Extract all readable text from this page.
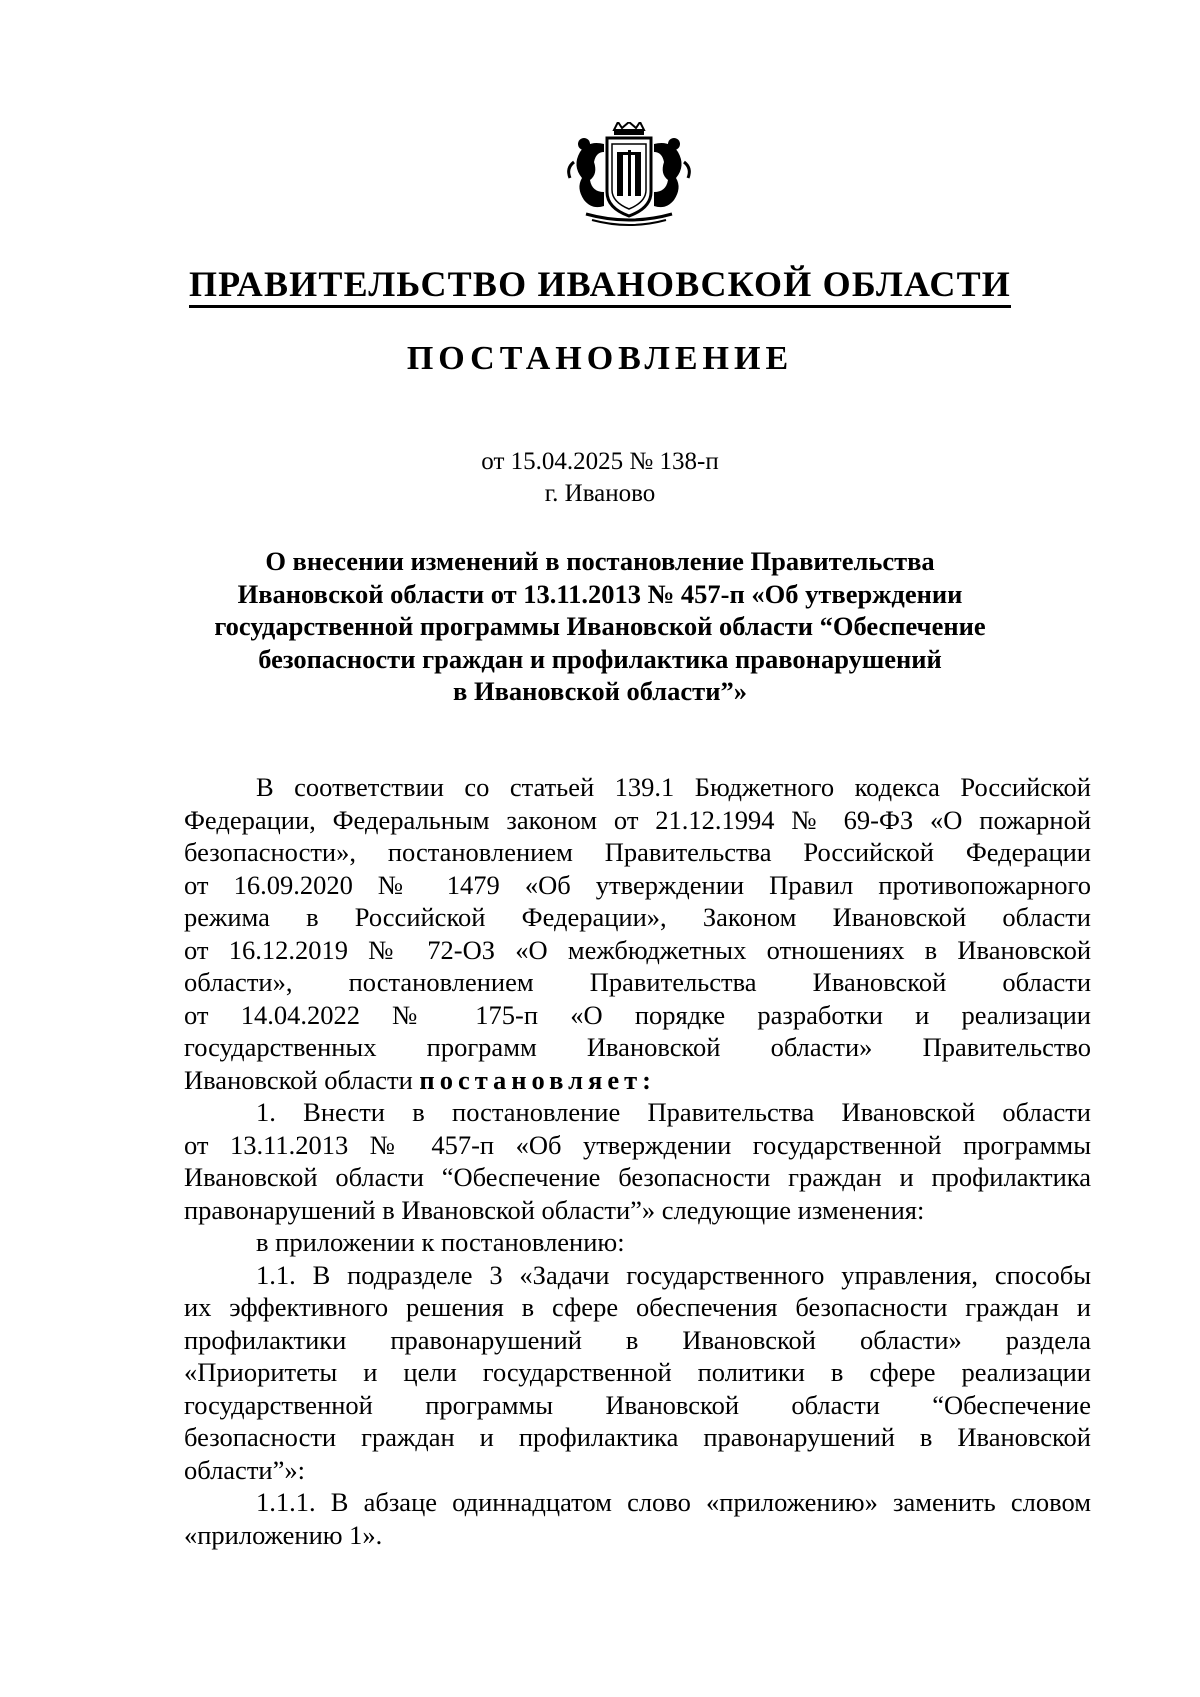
ПРАВИТЕЛЬСТВО ИВАНОВСКОЙ ОБЛАСТИ
ПОСТАНОВЛЕНИЕ
от 15.04.2025 № 138-п
г. Иваново
О внесении изменений в постановление Правительства
Ивановской области от 13.11.2013 № 457-п «Об утверждении
государственной программы Ивановской области “Обеспечение
безопасности граждан и профилактика правонарушений
в Ивановской области”»
В соответствии со статьей 139.1 Бюджетного кодекса Российской
Федерации, Федеральным законом от 21.12.1994 № 69-ФЗ «О пожарной
безопасности», постановлением Правительства Российской Федерации
от 16.09.2020 № 1479 «Об утверждении Правил противопожарного
режима в Российской Федерации», Законом Ивановской области
от 16.12.2019 № 72-ОЗ «О межбюджетных отношениях в Ивановской
области», постановлением Правительства Ивановской области
от 14.04.2022 № 175-п «О порядке разработки и реализации
государственных программ Ивановской области» Правительство
Ивановской области постановляет:
1. Внести в постановление Правительства Ивановской области
от 13.11.2013 № 457-п «Об утверждении государственной программы
Ивановской области “Обеспечение безопасности граждан и профилактика
правонарушений в Ивановской области”» следующие изменения:
в приложении к постановлению:
1.1. В подразделе 3 «Задачи государственного управления, способы
их эффективного решения в сфере обеспечения безопасности граждан и
профилактики правонарушений в Ивановской области» раздела
«Приоритеты и цели государственной политики в сфере реализации
государственной программы Ивановской области “Обеспечение
безопасности граждан и профилактика правонарушений в Ивановской
области”»:
1.1.1. В абзаце одиннадцатом слово «приложению» заменить словом
«приложению 1».
